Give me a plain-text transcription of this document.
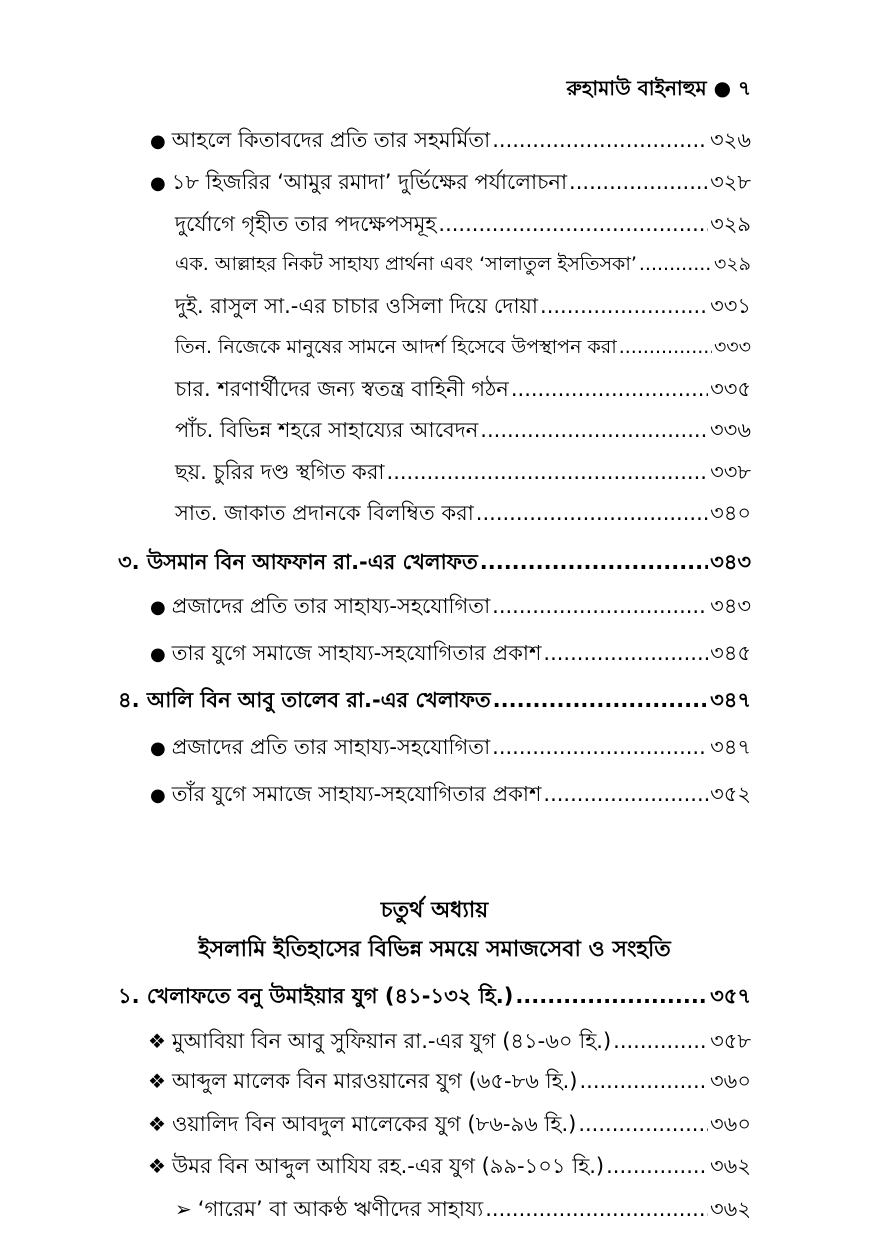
রুহামাউ বাইনাহুম ● ৭
● আহলে কিতাবদের প্রতি তার সহমর্মিতা .....	৩২৬
● ১৮ হিজরির ‘আমুর রমাদা’ দুর্ভিক্ষের পর্যালোচনা .....	৩২৮
দুর্যোগে গৃহীত তার পদক্ষেপসমূহ .....	৩২৯
এক. আল্লাহর নিকট সাহায্য প্রার্থনা এবং ‘সালাতুল ইসতিসকা’ .....	৩২৯
দুই. রাসুল সা.-এর চাচার ওসিলা দিয়ে দোয়া .....	৩৩১
তিন. নিজেকে মানুষের সামনে আদর্শ হিসেবে উপস্থাপন করা .....	৩৩৩
চার. শরণার্থীদের জন্য স্বতন্ত্র বাহিনী গঠন .....	৩৩৫
পাঁচ. বিভিন্ন শহরে সাহায্যের আবেদন .....	৩৩৬
ছয়. চুরির দণ্ড স্থগিত করা .....	৩৩৮
সাত. জাকাত প্রদানকে বিলম্বিত করা .....	৩৪০
৩. উসমান বিন আফফান রা.-এর খেলাফত .....	৩৪৩
● প্রজাদের প্রতি তার সাহায্য-সহযোগিতা .....	৩৪৩
● তার যুগে সমাজে সাহায্য-সহযোগিতার প্রকাশ .....	৩৪৫
৪. আলি বিন আবু তালেব রা.-এর খেলাফত .....	৩৪৭
● প্রজাদের প্রতি তার সাহায্য-সহযোগিতা .....	৩৪৭
● তাঁর যুগে সমাজে সাহায্য-সহযোগিতার প্রকাশ .....	৩৫২
চতুর্থ অধ্যায়
ইসলামি ইতিহাসের বিভিন্ন সময়ে সমাজসেবা ও সংহতি
১. খেলাফতে বনু উমাইয়ার যুগ (৪১-১৩২ হি.) .....	৩৫৭
❖ মুআবিয়া বিন আবু সুফিয়ান রা.-এর যুগ (৪১-৬০ হি.) .....	৩৫৮
❖ আব্দুল মালেক বিন মারওয়ানের যুগ (৬৫-৮৬ হি.) .....	৩৬০
❖ ওয়ালিদ বিন আবদুল মালেকের যুগ (৮৬-৯৬ হি.) .....	৩৬০
❖ উমর বিন আব্দুল আযিয রহ.-এর যুগ (৯৯-১০১ হি.) .....	৩৬২
➢ ‘গারেম’ বা আকণ্ঠ ঋণীদের সাহায্য .....	৩৬২
